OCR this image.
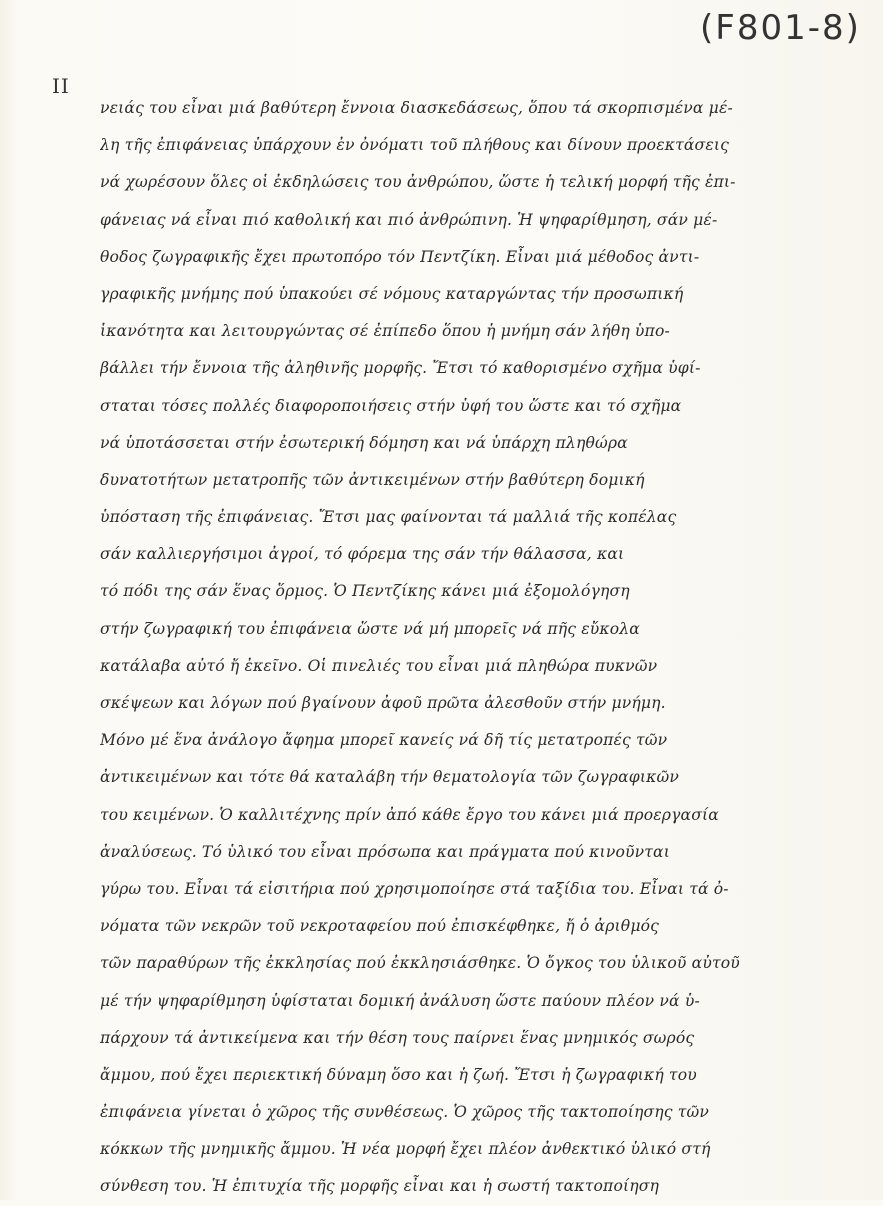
(F801-8)
II
νειάς του εἶναι μιά βαθύτερη ἔννοια διασκεδάσεως, ὅπου τά σκορπισμένα μέ-
λη τῆς ἐπιφάνειας ὑπάρχουν ἐν ὀνόματι τοῦ πλήθους και δίνουν προεκτάσεις
νά χωρέσουν ὅλες οἱ ἐκδηλώσεις του ἀνθρώπου, ὥστε ἡ τελική μορφή τῆς ἐπι-
φάνειας νά εἶναι πιό καθολική και πιό ἀνθρώπινη. Ἡ ψηφαρίθμηση, σάν μέ-
θοδος ζωγραφικῆς ἔχει πρωτοπόρο τόν Πεντζίκη. Εἶναι μιά μέθοδος ἀντι-
γραφικῆς μνήμης πού ὑπακούει σέ νόμους καταργώντας τήν προσωπική
ἱκανότητα και λειτουργώντας σέ ἐπίπεδο ὅπου ἡ μνήμη σάν λήθη ὑπο-
βάλλει τήν ἔννοια τῆς ἀληθινῆς μορφῆς. Ἔτσι τό καθορισμένο σχῆμα ὑφί-
σταται τόσες πολλές διαφοροποιήσεις στήν ὑφή του ὥστε και τό σχῆμα
νά ὑποτάσσεται στήν ἐσωτερική δόμηση και νά ὑπάρχη πληθώρα
δυνατοτήτων μετατροπῆς τῶν ἀντικειμένων στήν βαθύτερη δομική
ὑπόσταση τῆς ἐπιφάνειας. Ἔτσι μας φαίνονται τά μαλλιά τῆς κοπέλας
σάν καλλιεργήσιμοι ἀγροί, τό φόρεμα της σάν τήν θάλασσα, και
τό πόδι της σάν ἕνας ὅρμος. Ὁ Πεντζίκης κάνει μιά ἐξομολόγηση
στήν ζωγραφική του ἐπιφάνεια ὥστε νά μή μπορεῖς νά πῆς εὔκολα
κατάλαβα αὐτό ἤ ἐκεῖνο. Οἱ πινελιές του εἶναι μιά πληθώρα πυκνῶν
σκέψεων και λόγων πού βγαίνουν ἀφοῦ πρῶτα ἀλεσθοῦν στήν μνήμη.
Μόνο μέ ἕνα ἀνάλογο ἄφημα μπορεῖ κανείς νά δῆ τίς μετατροπές τῶν
ἀντικειμένων και τότε θά καταλάβη τήν θεματολογία τῶν ζωγραφικῶν
του κειμένων. Ὁ καλλιτέχνης πρίν ἀπό κάθε ἔργο του κάνει μιά προεργασία
ἀναλύσεως. Τό ὑλικό του εἶναι πρόσωπα και πράγματα πού κινοῦνται
γύρω του. Εἶναι τά εἰσιτήρια πού χρησιμοποίησε στά ταξίδια του. Εἶναι τά ὀ-
νόματα τῶν νεκρῶν τοῦ νεκροταφείου πού ἐπισκέφθηκε, ἤ ὁ ἀριθμός
τῶν παραθύρων τῆς ἐκκλησίας πού ἐκκλησιάσθηκε. Ὁ ὄγκος του ὑλικοῦ αὐτοῦ
μέ τήν ψηφαρίθμηση ὑφίσταται δομική ἀνάλυση ὥστε παύουν πλέον νά ὑ-
πάρχουν τά ἀντικείμενα και τήν θέση τους παίρνει ἕνας μνημικός σωρός
ἄμμου, πού ἔχει περιεκτική δύναμη ὅσο και ἡ ζωή. Ἔτσι ἡ ζωγραφική του
ἐπιφάνεια γίνεται ὁ χῶρος τῆς συνθέσεως. Ὁ χῶρος τῆς τακτοποίησης τῶν
κόκκων τῆς μνημικῆς ἄμμου. Ἡ νέα μορφή ἔχει πλέον ἀνθεκτικό ὑλικό στή
σύνθεση του. Ἡ ἐπιτυχία τῆς μορφῆς εἶναι και ἡ σωστή τακτοποίηση
